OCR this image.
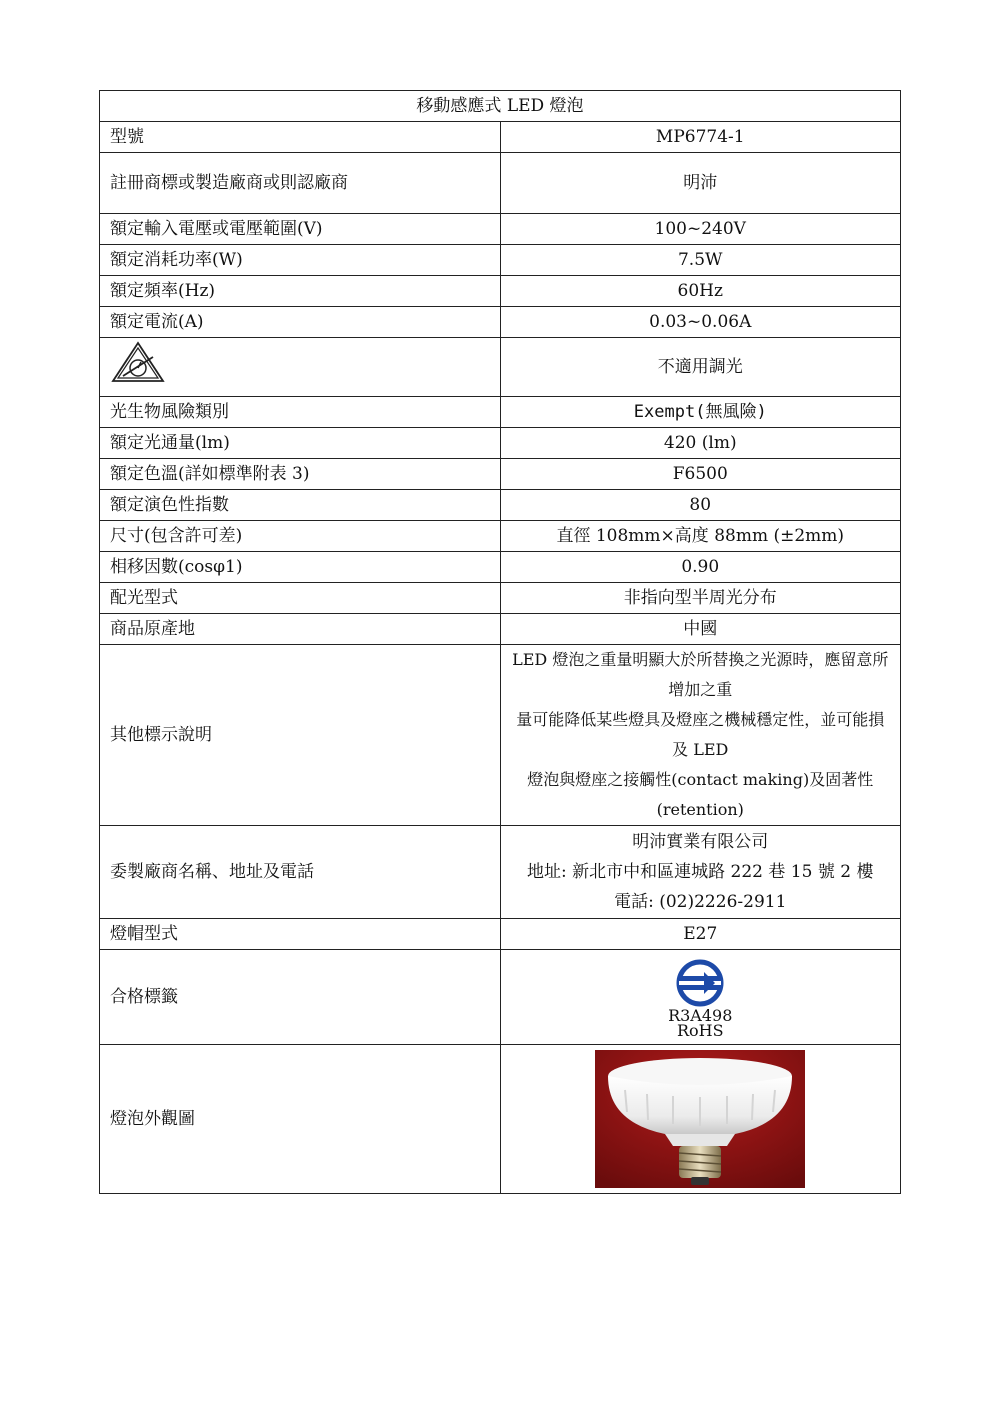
移動感應式 LED 燈泡	
型號	MP6774-1
註冊商標或製造廠商或則認廠商	明沛
額定輸入電壓或電壓範圍(V)	100~240V
額定消耗功率(W)	7.5W
額定頻率(Hz)	60Hz
額定電流(A)	0.03~0.06A
	不適用調光
光生物風險類別	Exempt(無風險)
額定光通量(lm)	420 (lm)
額定色溫(詳如標準附表 3)	F6500
額定演色性指數	80
尺寸(包含許可差)	直徑 108mm×高度 88mm (±2mm)
相移因數(cosφ1)	0.90
配光型式	非指向型半周光分布
商品原產地	中國
其他標示說明	LED 燈泡之重量明顯大於所替換之光源時，應留意所增加之重
量可能降低某些燈具及燈座之機械穩定性，並可能損及 LED
燈泡與燈座之接觸性(contact making)及固著性(retention)

委製廠商名稱、地址及電話	明沛實業有限公司
地址: 新北市中和區連城路 222 巷 15 號 2 樓
電話: (02)2226-2911

燈帽型式	E27
合格標籤	R3A498
RoHS

燈泡外觀圖	
